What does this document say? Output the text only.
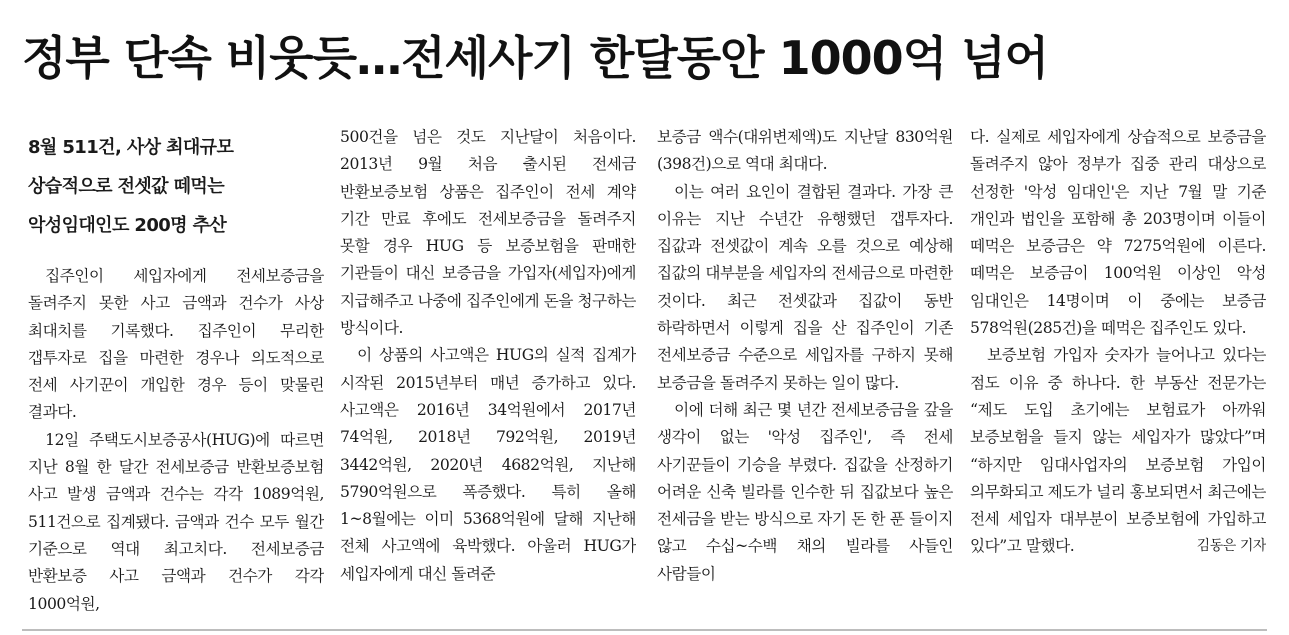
정부 단속 비웃듯…전세사기 한달동안 1000억 넘어
8월 511건, 사상 최대규모
상습적으로 전셋값 떼먹는
악성임대인도 200명 추산

집주인이 세입자에게 전세보증금을 돌려주지 못한 사고 금액과 건수가 사상 최대치를 기록했다. 집주인이 무리한 갭투자로 집을 마련한 경우나 의도적으로 전세 사기꾼이 개입한 경우 등이 맞물린 결과다.

12일 주택도시보증공사(HUG)에 따르면 지난 8월 한 달간 전세보증금 반환보증보험 사고 발생 금액과 건수는 각각 1089억원, 511건으로 집계됐다. 금액과 건수 모두 월간 기준으로 역대 최고치다. 전세보증금 반환보증 사고 금액과 건수가 각각 1000억원,

500건을 넘은 것도 지난달이 처음이다. 2013년 9월 처음 출시된 전세금 반환보증보험 상품은 집주인이 전세 계약 기간 만료 후에도 전세보증금을 돌려주지 못할 경우 HUG 등 보증보험을 판매한 기관들이 대신 보증금을 가입자(세입자)에게 지급해주고 나중에 집주인에게 돈을 청구하는 방식이다.

이 상품의 사고액은 HUG의 실적 집계가 시작된 2015년부터 매년 증가하고 있다. 사고액은 2016년 34억원에서 2017년 74억원, 2018년 792억원, 2019년 3442억원, 2020년 4682억원, 지난해 5790억원으로 폭증했다. 특히 올해 1~8월에는 이미 5368억원에 달해 지난해 전체 사고액에 육박했다. 아울러 HUG가 세입자에게 대신 돌려준

보증금 액수(대위변제액)도 지난달 830억원(398건)으로 역대 최대다.

이는 여러 요인이 결합된 결과다. 가장 큰 이유는 지난 수년간 유행했던 갭투자다. 집값과 전셋값이 계속 오를 것으로 예상해 집값의 대부분을 세입자의 전세금으로 마련한 것이다. 최근 전셋값과 집값이 동반 하락하면서 이렇게 집을 산 집주인이 기존 전세보증금 수준으로 세입자를 구하지 못해 보증금을 돌려주지 못하는 일이 많다.

이에 더해 최근 몇 년간 전세보증금을 갚을 생각이 없는 '악성 집주인', 즉 전세 사기꾼들이 기승을 부렸다. 집값을 산정하기 어려운 신축 빌라를 인수한 뒤 집값보다 높은 전세금을 받는 방식으로 자기 돈 한 푼 들이지 않고 수십~수백 채의 빌라를 사들인 사람들이

다. 실제로 세입자에게 상습적으로 보증금을 돌려주지 않아 정부가 집중 관리 대상으로 선정한 '악성 임대인'은 지난 7월 말 기준 개인과 법인을 포함해 총 203명이며 이들이 떼먹은 보증금은 약 7275억원에 이른다. 떼먹은 보증금이 100억원 이상인 악성 임대인은 14명이며 이 중에는 보증금 578억원(285건)을 떼먹은 집주인도 있다.

보증보험 가입자 숫자가 늘어나고 있다는 점도 이유 중 하나다. 한 부동산 전문가는 “제도 도입 초기에는 보험료가 아까워 보증보험을 들지 않는 세입자가 많았다”며 “하지만 임대사업자의 보증보험 가입이 의무화되고 제도가 널리 홍보되면서 최근에는 전세 세입자 대부분이 보증보험에 가입하고 있다”고 말했다.	김동은 기자
